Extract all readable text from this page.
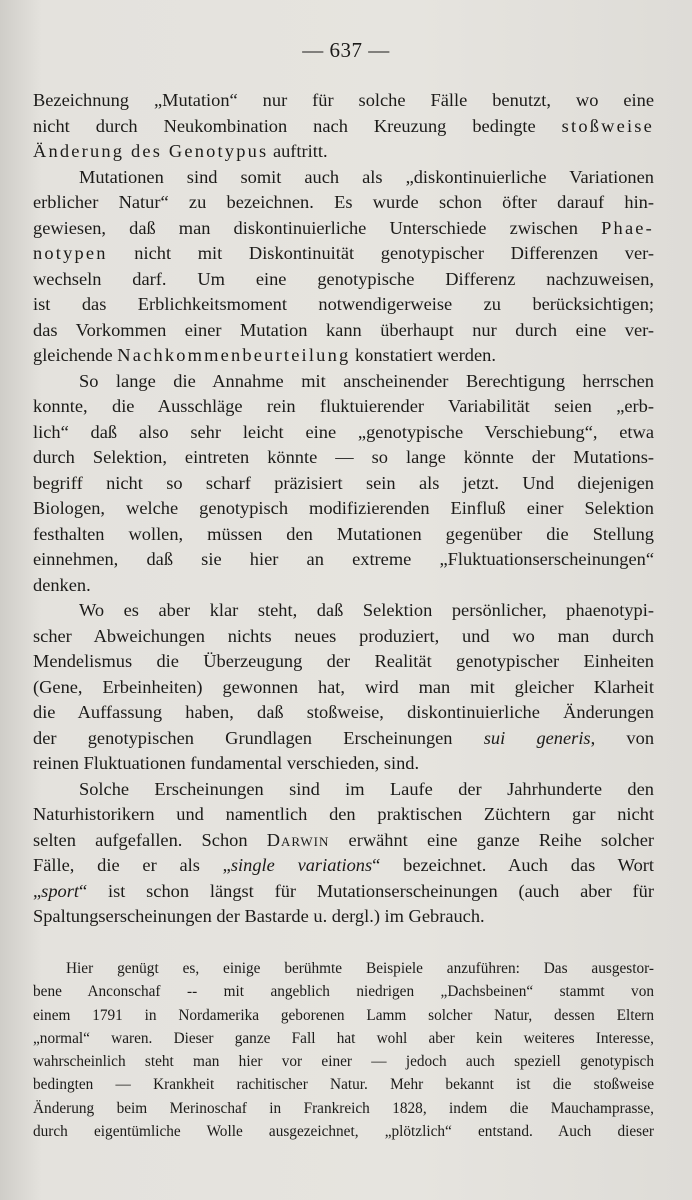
— 637 —
Bezeichnung „Mutation“ nur für solche Fälle benutzt, wo eine
nicht durch Neukombination nach Kreuzung bedingte stoßweise
Änderung des Genotypus auftritt.
Mutationen sind somit auch als „diskontinuierliche Variationen
erblicher Natur“ zu bezeichnen. Es wurde schon öfter darauf hin-
gewiesen, daß man diskontinuierliche Unterschiede zwischen Phae-
notypen nicht mit Diskontinuität genotypischer Differenzen ver-
wechseln darf. Um eine genotypische Differenz nachzuweisen,
ist das Erblichkeitsmoment notwendigerweise zu berücksichtigen;
das Vorkommen einer Mutation kann überhaupt nur durch eine ver-
gleichende Nachkommenbeurteilung konstatiert werden.
So lange die Annahme mit anscheinender Berechtigung herrschen
konnte, die Ausschläge rein fluktuierender Variabilität seien „erb-
lich“ daß also sehr leicht eine „genotypische Verschiebung“, etwa
durch Selektion, eintreten könnte — so lange könnte der Mutations-
begriff nicht so scharf präzisiert sein als jetzt. Und diejenigen
Biologen, welche genotypisch modifizierenden Einfluß einer Selektion
festhalten wollen, müssen den Mutationen gegenüber die Stellung
einnehmen, daß sie hier an extreme „Fluktuationserscheinungen“
denken.
Wo es aber klar steht, daß Selektion persönlicher, phaenotypi-
scher Abweichungen nichts neues produziert, und wo man durch
Mendelismus die Überzeugung der Realität genotypischer Einheiten
(Gene, Erbeinheiten) gewonnen hat, wird man mit gleicher Klarheit
die Auffassung haben, daß stoßweise, diskontinuierliche Änderungen
der genotypischen Grundlagen Erscheinungen sui generis, von
reinen Fluktuationen fundamental verschieden, sind.
Solche Erscheinungen sind im Laufe der Jahrhunderte den
Naturhistorikern und namentlich den praktischen Züchtern gar nicht
selten aufgefallen. Schon Darwin erwähnt eine ganze Reihe solcher
Fälle, die er als „single variations“ bezeichnet. Auch das Wort
„sport“ ist schon längst für Mutationserscheinungen (auch aber für
Spaltungserscheinungen der Bastarde u. dergl.) im Gebrauch.
Hier genügt es, einige berühmte Beispiele anzuführen: Das ausgestor-
bene Anconschaf -- mit angeblich niedrigen „Dachsbeinen“ stammt von
einem 1791 in Nordamerika geborenen Lamm solcher Natur, dessen Eltern
„normal“ waren. Dieser ganze Fall hat wohl aber kein weiteres Interesse,
wahrscheinlich steht man hier vor einer — jedoch auch speziell genotypisch
bedingten — Krankheit rachitischer Natur. Mehr bekannt ist die stoßweise
Änderung beim Merinoschaf in Frankreich 1828, indem die Mauchamprasse,
durch eigentümliche Wolle ausgezeichnet, „plötzlich“ entstand. Auch dieser
